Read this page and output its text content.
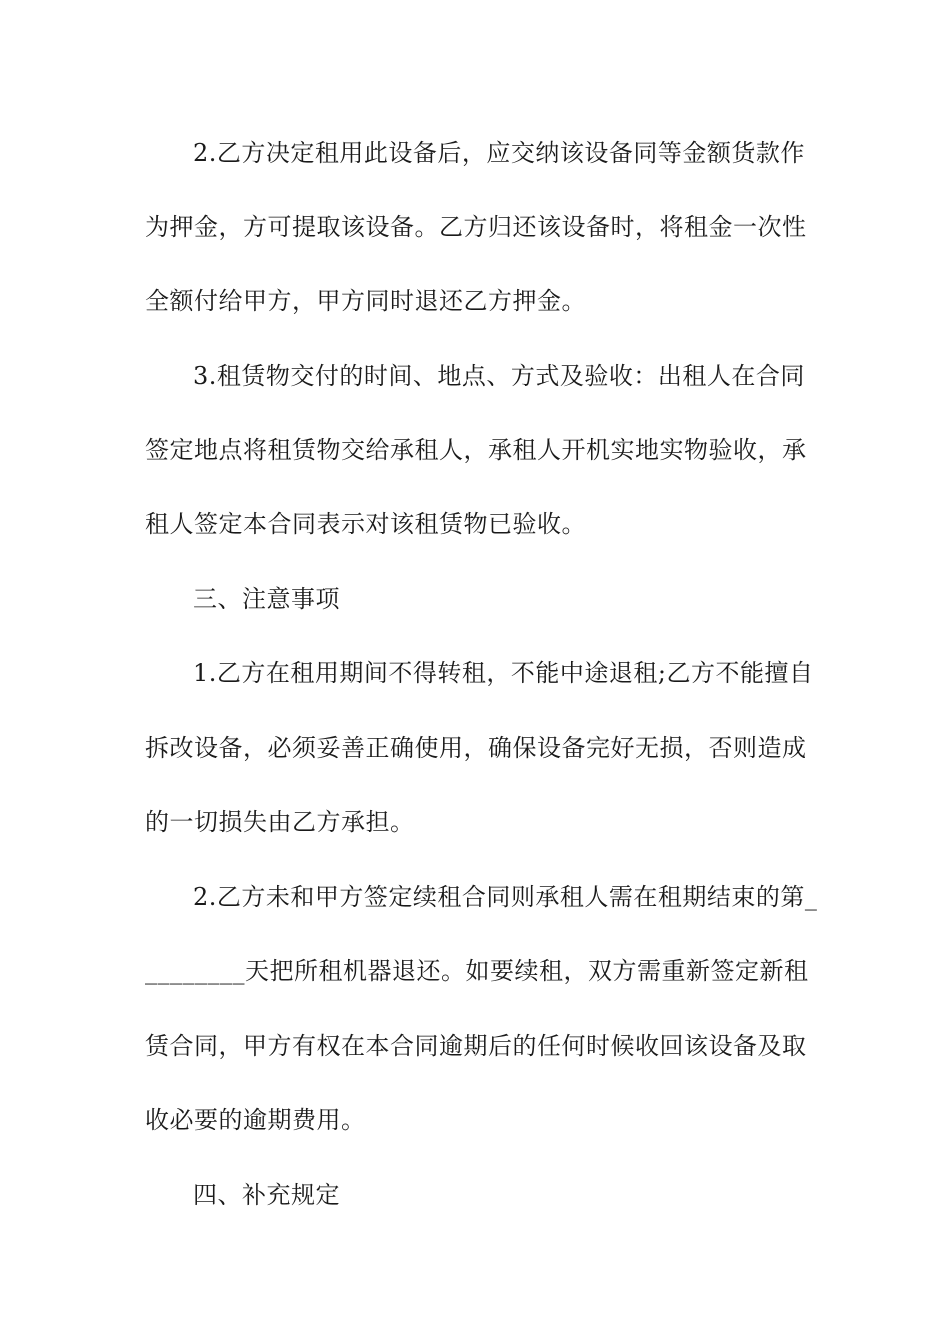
2.乙方决定租用此设备后，应交纳该设备同等金额货款作
为押金，方可提取该设备。乙方归还该设备时，将租金一次性
全额付给甲方，甲方同时退还乙方押金。
3.租赁物交付的时间、地点、方式及验收：出租人在合同
签定地点将租赁物交给承租人，承租人开机实地实物验收，承
租人签定本合同表示对该租赁物已验收。
三、注意事项
1.乙方在租用期间不得转租，不能中途退租;乙方不能擅自
拆改设备，必须妥善正确使用，确保设备完好无损，否则造成
的一切损失由乙方承担。
2.乙方未和甲方签定续租合同则承租人需在租期结束的第_
________天把所租机器退还。如要续租，双方需重新签定新租
赁合同，甲方有权在本合同逾期后的任何时候收回该设备及取
收必要的逾期费用。
四、补充规定
